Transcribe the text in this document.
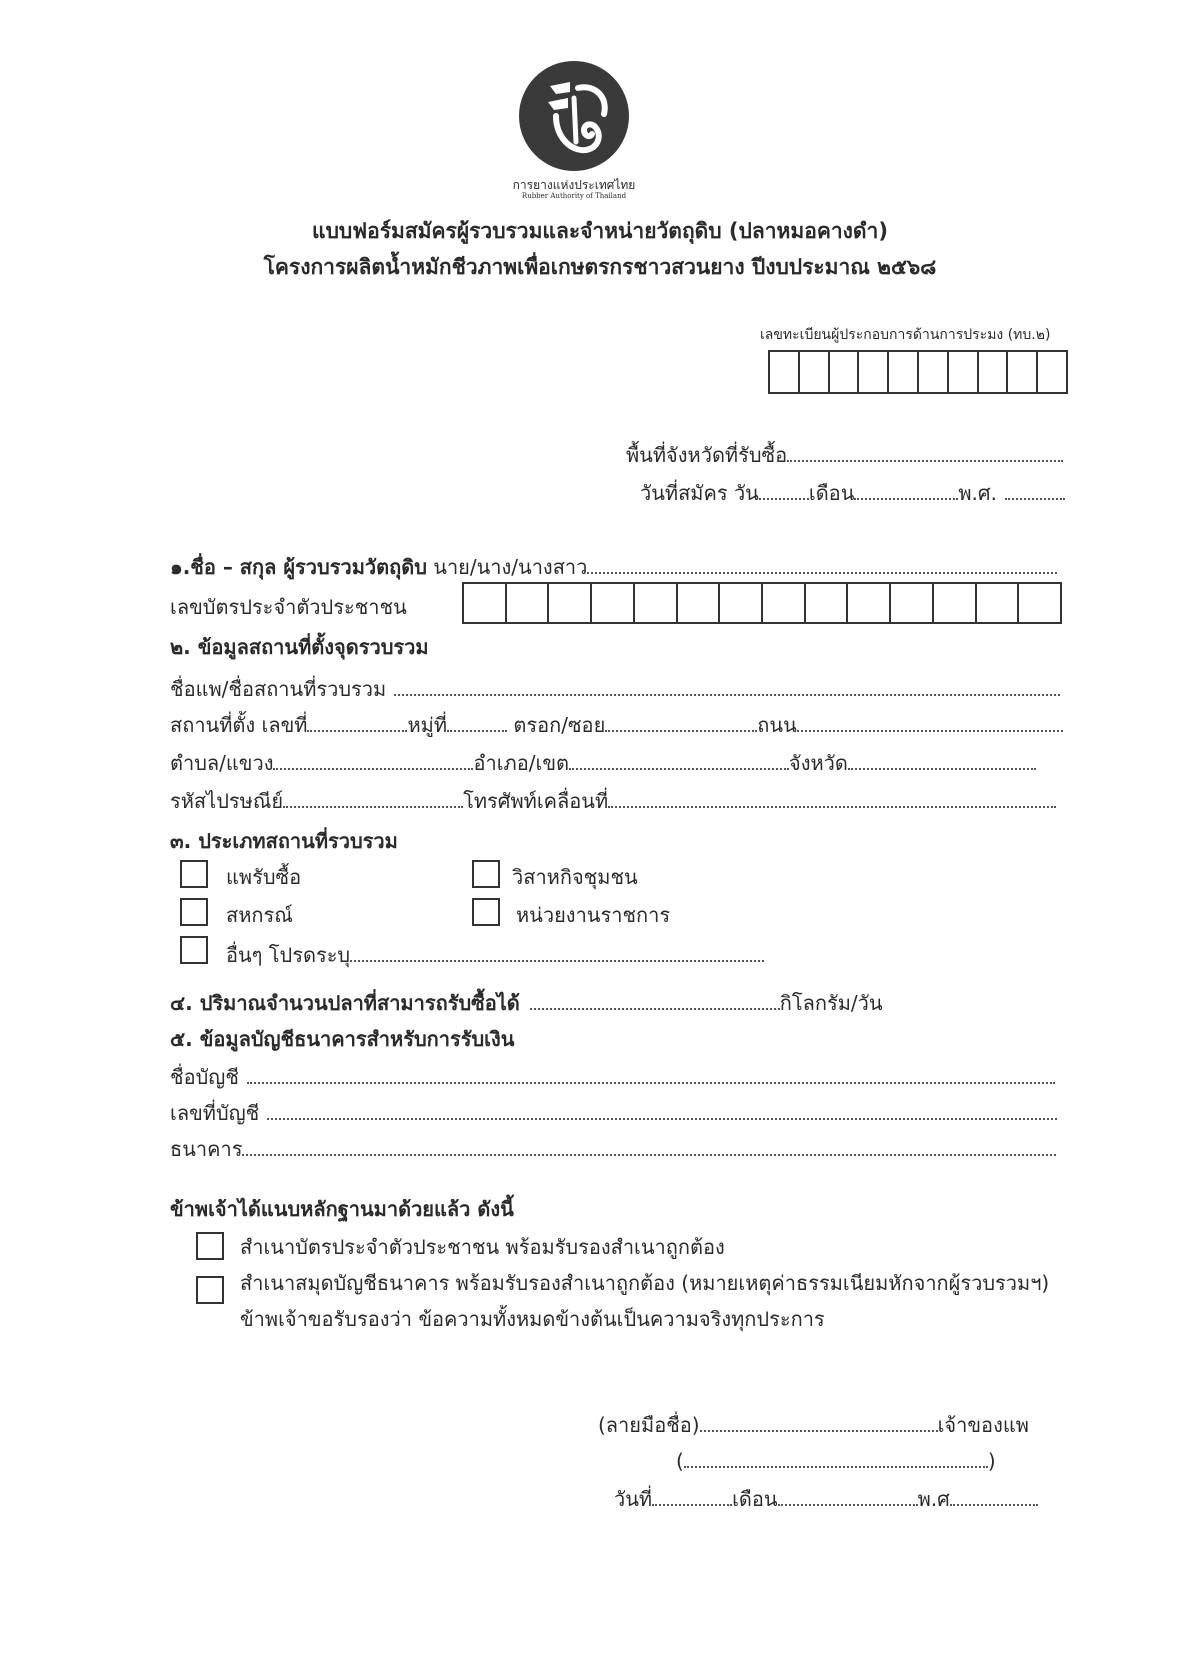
การยางแห่งประเทศไทย
Rubber Authority of Thailand
แบบฟอร์มสมัครผู้รวบรวมและจำหน่ายวัตถุดิบ (ปลาหมอคางดำ)
โครงการผลิตน้ำหมักชีวภาพเพื่อเกษตรกรชาวสวนยาง ปีงบประมาณ ๒๕๖๘
เลขทะเบียนผู้ประกอบการด้านการประมง (ทบ.๒)
พื้นที่จังหวัดที่รับซื้อ
วันที่สมัคร วัน	เดือน	พ.ศ.
๑.ชื่อ – สกุล ผู้รวบรวมวัตถุดิบ นาย/นาง/นางสาว
เลขบัตรประจำตัวประชาชน
๒. ข้อมูลสถานที่ตั้งจุดรวบรวม
ชื่อแพ/ชื่อสถานที่รวบรวม
สถานที่ตั้ง เลขที่	หมู่ที่	ตรอก/ซอย	ถนน
ตำบล/แขวง	อำเภอ/เขต	จังหวัด
รหัสไปรษณีย์	โทรศัพท์เคลื่อนที่
๓. ประเภทสถานที่รวบรวม
แพรับซื้อ	วิสาหกิจชุมชน
สหกรณ์	หน่วยงานราชการ
อื่นๆ โปรดระบุ
๔. ปริมาณจำนวนปลาที่สามารถรับซื้อได้	กิโลกรัม/วัน
๕. ข้อมูลบัญชีธนาคารสำหรับการรับเงิน
ชื่อบัญชี
เลขที่บัญชี
ธนาคาร
ข้าพเจ้าได้แนบหลักฐานมาด้วยแล้ว ดังนี้
สำเนาบัตรประจำตัวประชาชน พร้อมรับรองสำเนาถูกต้อง
สำเนาสมุดบัญชีธนาคาร พร้อมรับรองสำเนาถูกต้อง (หมายเหตุค่าธรรมเนียมหักจากผู้รวบรวมฯ)
ข้าพเจ้าขอรับรองว่า ข้อความทั้งหมดข้างต้นเป็นความจริงทุกประการ
(ลายมือชื่อ)	เจ้าของแพ
(	)
วันที่	เดือน	พ.ศ
